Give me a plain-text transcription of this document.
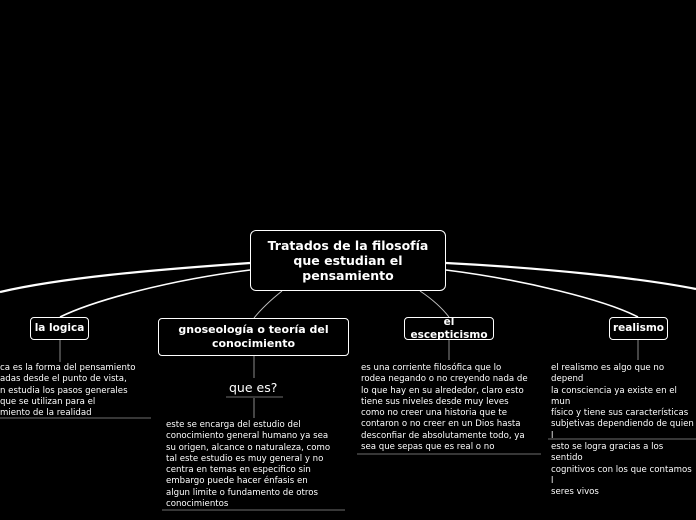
Tratados de la filosofía que estudian el pensamiento
la logica
ca es la forma del pensamiento
adas desde el punto de vista,
n estudia los pasos generales
que se utilizan para el
miento de la realidad
gnoseología o teoría del conocimiento
que es?
este se encarga del estudio del
conocimiento general humano ya sea
su origen, alcance o naturaleza, como
tal este estudio es muy general y no
centra en temas en especifico sin
embargo puede hacer énfasis en
algun limite o fundamento de otros
conocimientos
el escepticismo
es una corriente filosófica que lo
rodea negando o no creyendo nada de
lo que hay en su alrededor, claro esto
tiene sus niveles desde muy leves
como no creer una historia que te
contaron o no creer en un Dios hasta
desconfiar de absolutamente todo, ya
sea que sepas que es real o no
realismo
el realismo es algo que no depend
la consciencia ya existe en el mun
físico y tiene sus características
subjetivas dependiendo de quien l
esto se logra gracias a los sentido
cognitivos con los que contamos l
seres vivos
